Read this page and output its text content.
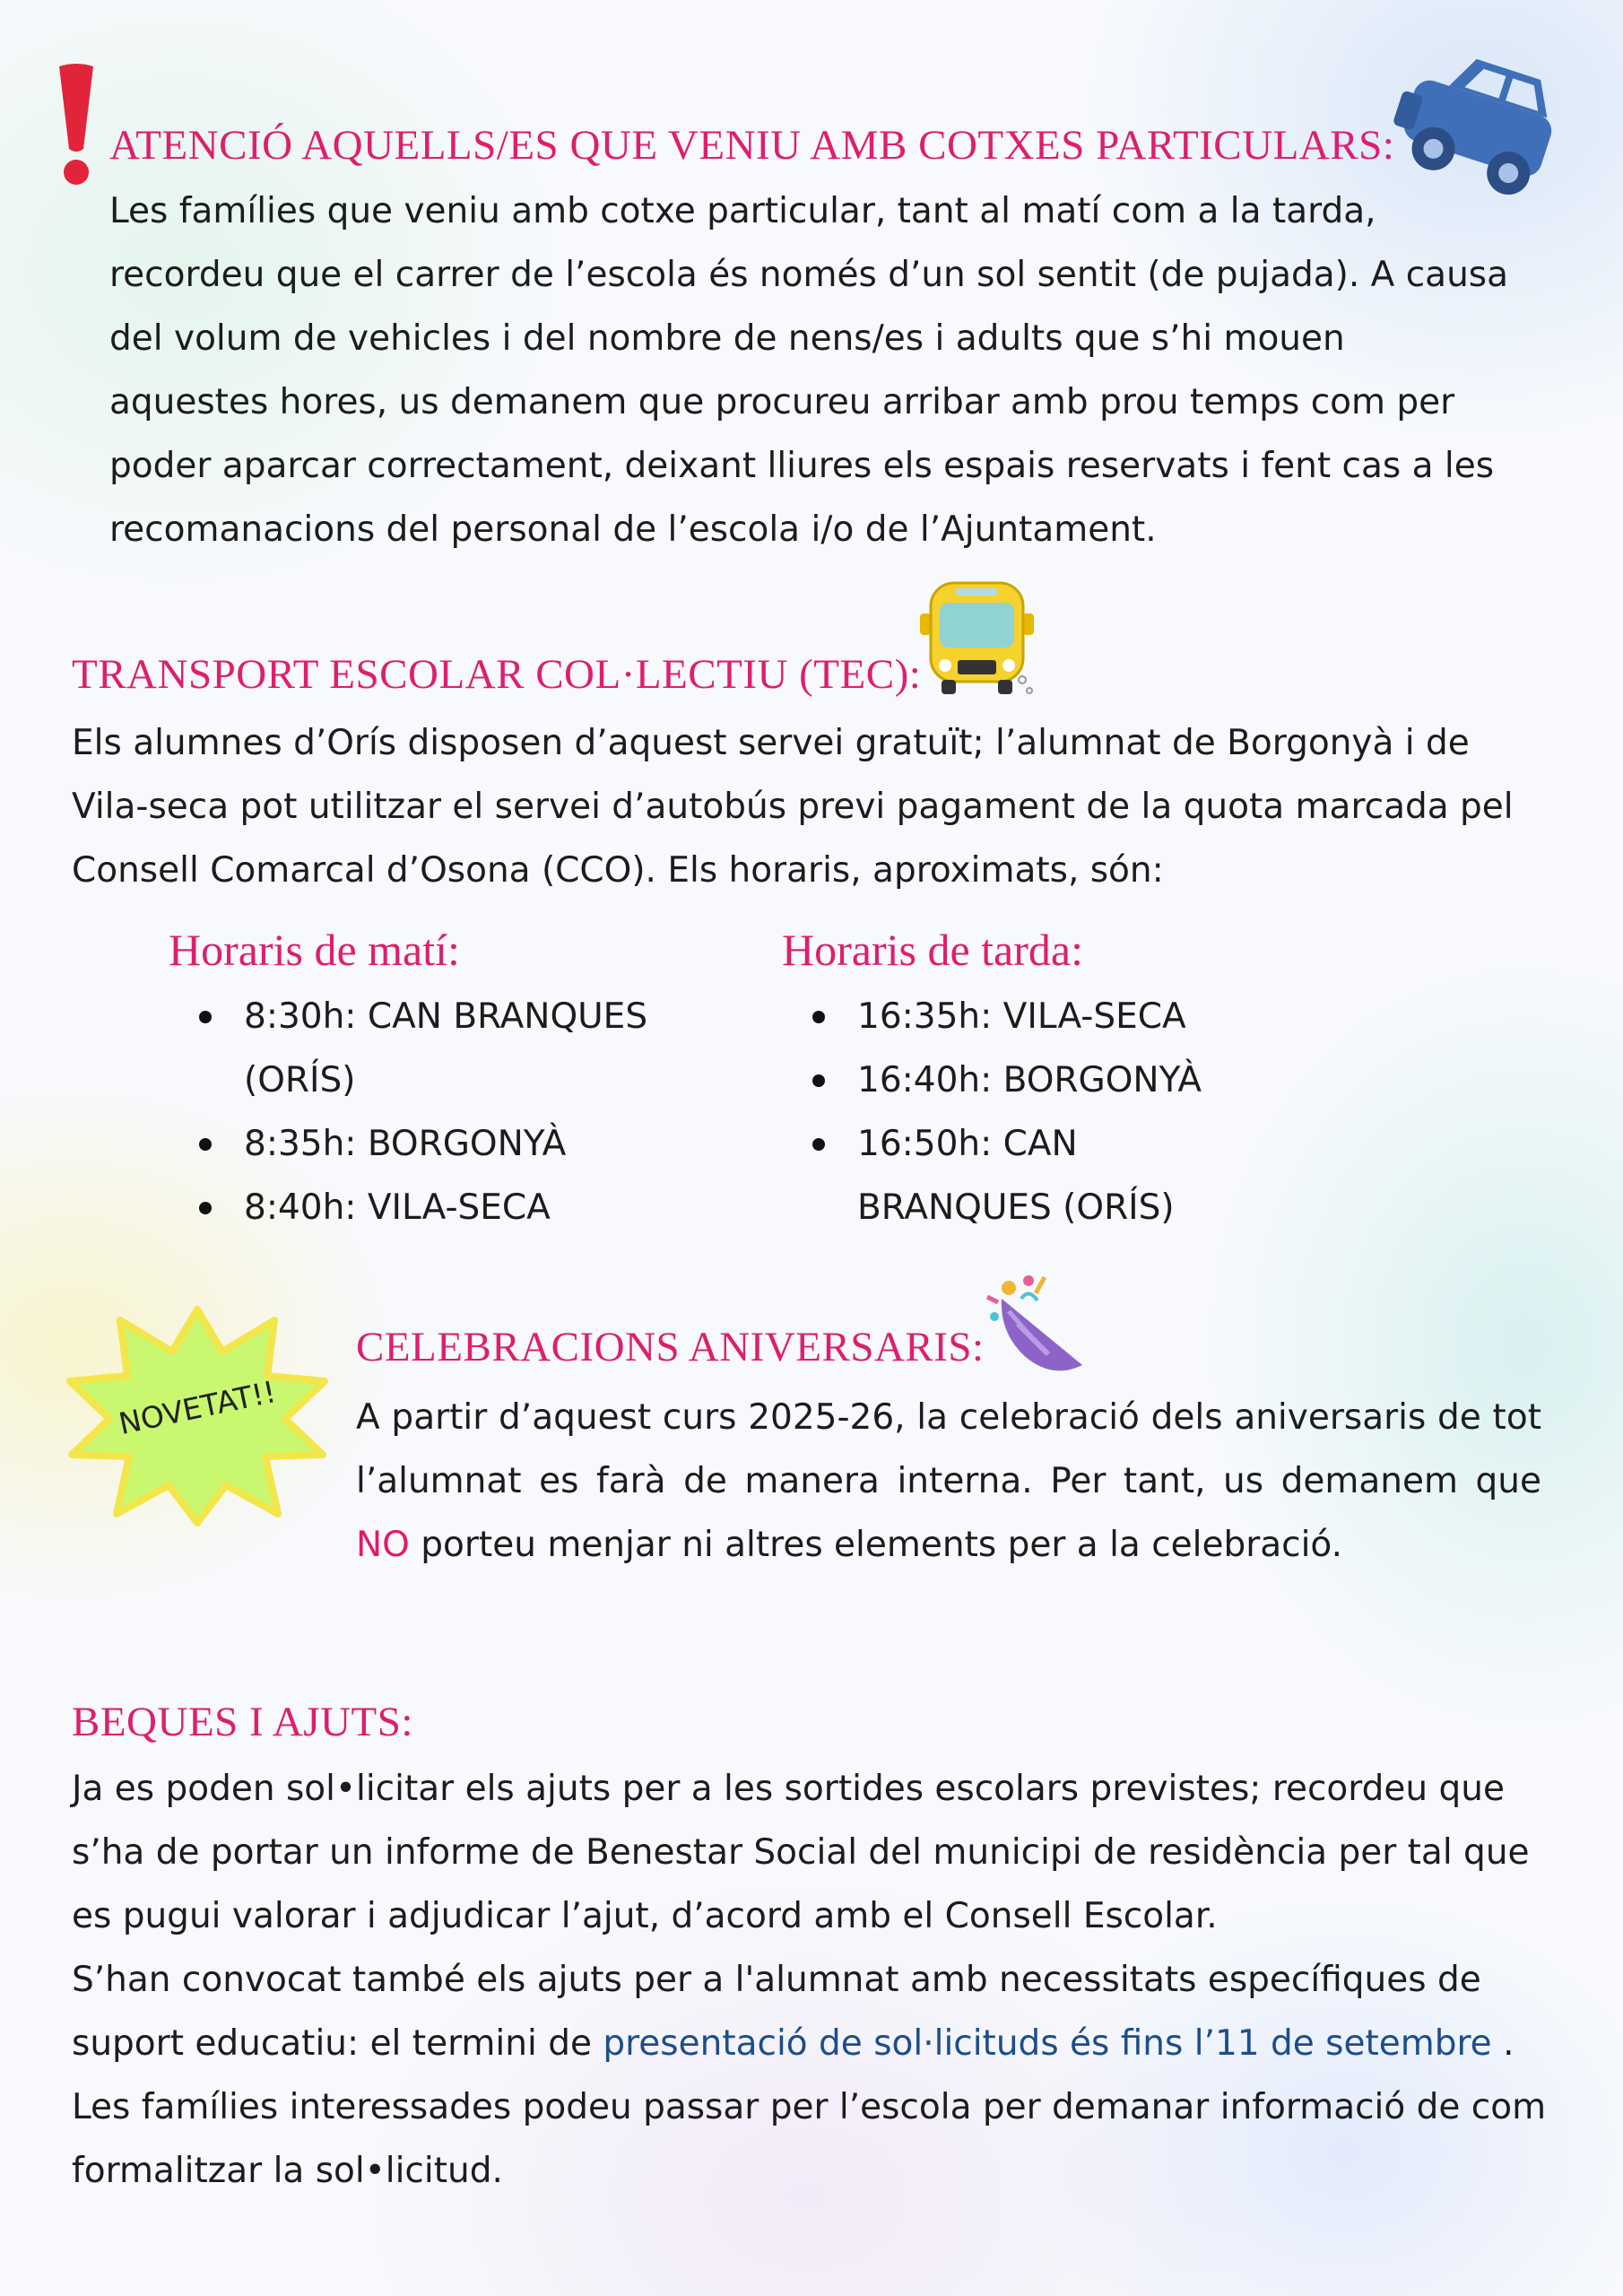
ATENCIÓ AQUELLS/ES QUE VENIU AMB COTXES PARTICULARS:

Les famílies que veniu amb cotxe particular, tant al matí com a la tarda, recordeu que el carrer de l’escola és només d’un sol sentit (de pujada). A causa del volum de vehicles i del nombre de nens/es i adults que s’hi mouen aquestes hores, us demanem que procureu arribar amb prou temps com per poder aparcar correctament, deixant lliures els espais reservats i fent cas a les recomanacions del personal de l’escola i/o de l’Ajuntament.

TRANSPORT ESCOLAR COL·LECTIU (TEC):

Els alumnes d’Orís disposen d’aquest servei gratuït; l’alumnat de Borgonyà i de Vila-seca pot utilitzar el servei d’autobús previ pagament de la quota marcada pel Consell Comarcal d’Osona (CCO). Els horaris, aproximats, són:

Horaris de matí:
8:30h: CAN BRANQUES (ORÍS)
8:35h: BORGONYÀ
8:40h: VILA-SECA
Horaris de tarda:
16:35h: VILA-SECA
16:40h: BORGONYÀ
16:50h: CAN BRANQUES (ORÍS)
NOVETAT!!
CELEBRACIONS ANIVERSARIS:

A partir d’aquest curs 2025-26, la celebració dels aniversaris de tot l’alumnat es farà de manera interna. Per tant, us demanem que NO porteu menjar ni altres elements per a la celebració.

BEQUES I AJUTS:

Ja es poden sol•licitar els ajuts per a les sortides escolars previstes; recordeu que s’ha de portar un informe de Benestar Social del municipi de residència per tal que es pugui valorar i adjudicar l’ajut, d’acord amb el Consell Escolar.

S’han convocat també els ajuts per a l'alumnat amb necessitats específiques de suport educatiu: el termini de presentació de sol·licituds és fins l’11 de setembre . Les famílies interessades podeu passar per l’escola per demanar informació de com formalitzar la sol•licitud.
